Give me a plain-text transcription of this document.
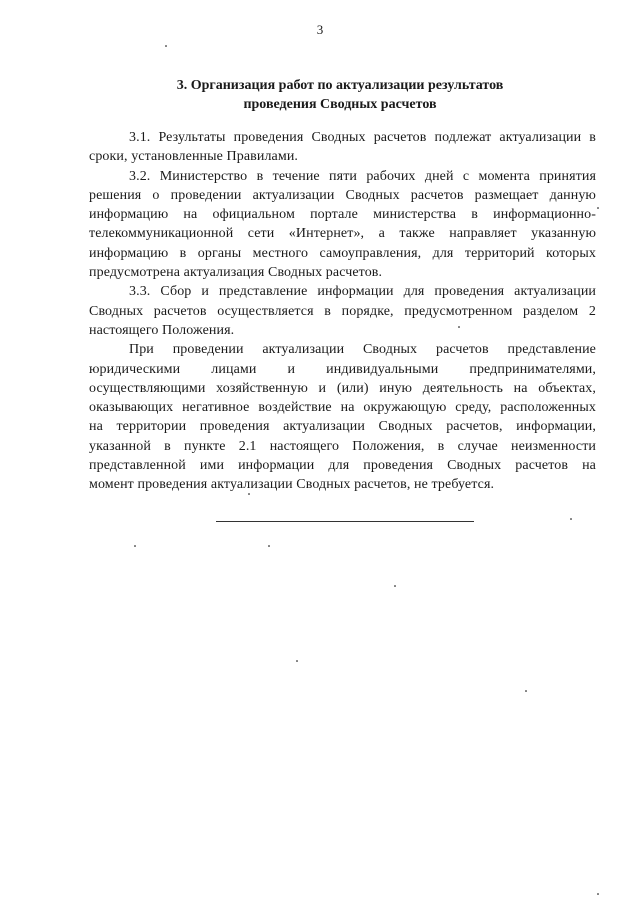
3
3. Организация работ по актуализации результатов
проведения Сводных расчетов
3.1. Результаты проведения Сводных расчетов подлежат актуализации в
сроки, установленные Правилами.
3.2. Министерство в течение пяти рабочих дней с момента принятия
решения о проведении актуализации Сводных расчетов размещает данную
информацию на официальном портале министерства в информационно-
телекоммуникационной сети «Интернет», а также направляет указанную
информацию в органы местного самоуправления, для территорий которых
предусмотрена актуализация Сводных расчетов.
3.3. Сбор и представление информации для проведения актуализации
Сводных расчетов осуществляется в порядке, предусмотренном разделом 2
настоящего Положения.
При проведении актуализации Сводных расчетов представление
юридическими лицами и индивидуальными предпринимателями,
осуществляющими хозяйственную и (или) иную деятельность на объектах,
оказывающих негативное воздействие на окружающую среду, расположенных
на территории проведения актуализации Сводных расчетов, информации,
указанной в пункте 2.1 настоящего Положения, в случае неизменности
представленной ими информации для проведения Сводных расчетов на
момент проведения актуализации Сводных расчетов, не требуется.
